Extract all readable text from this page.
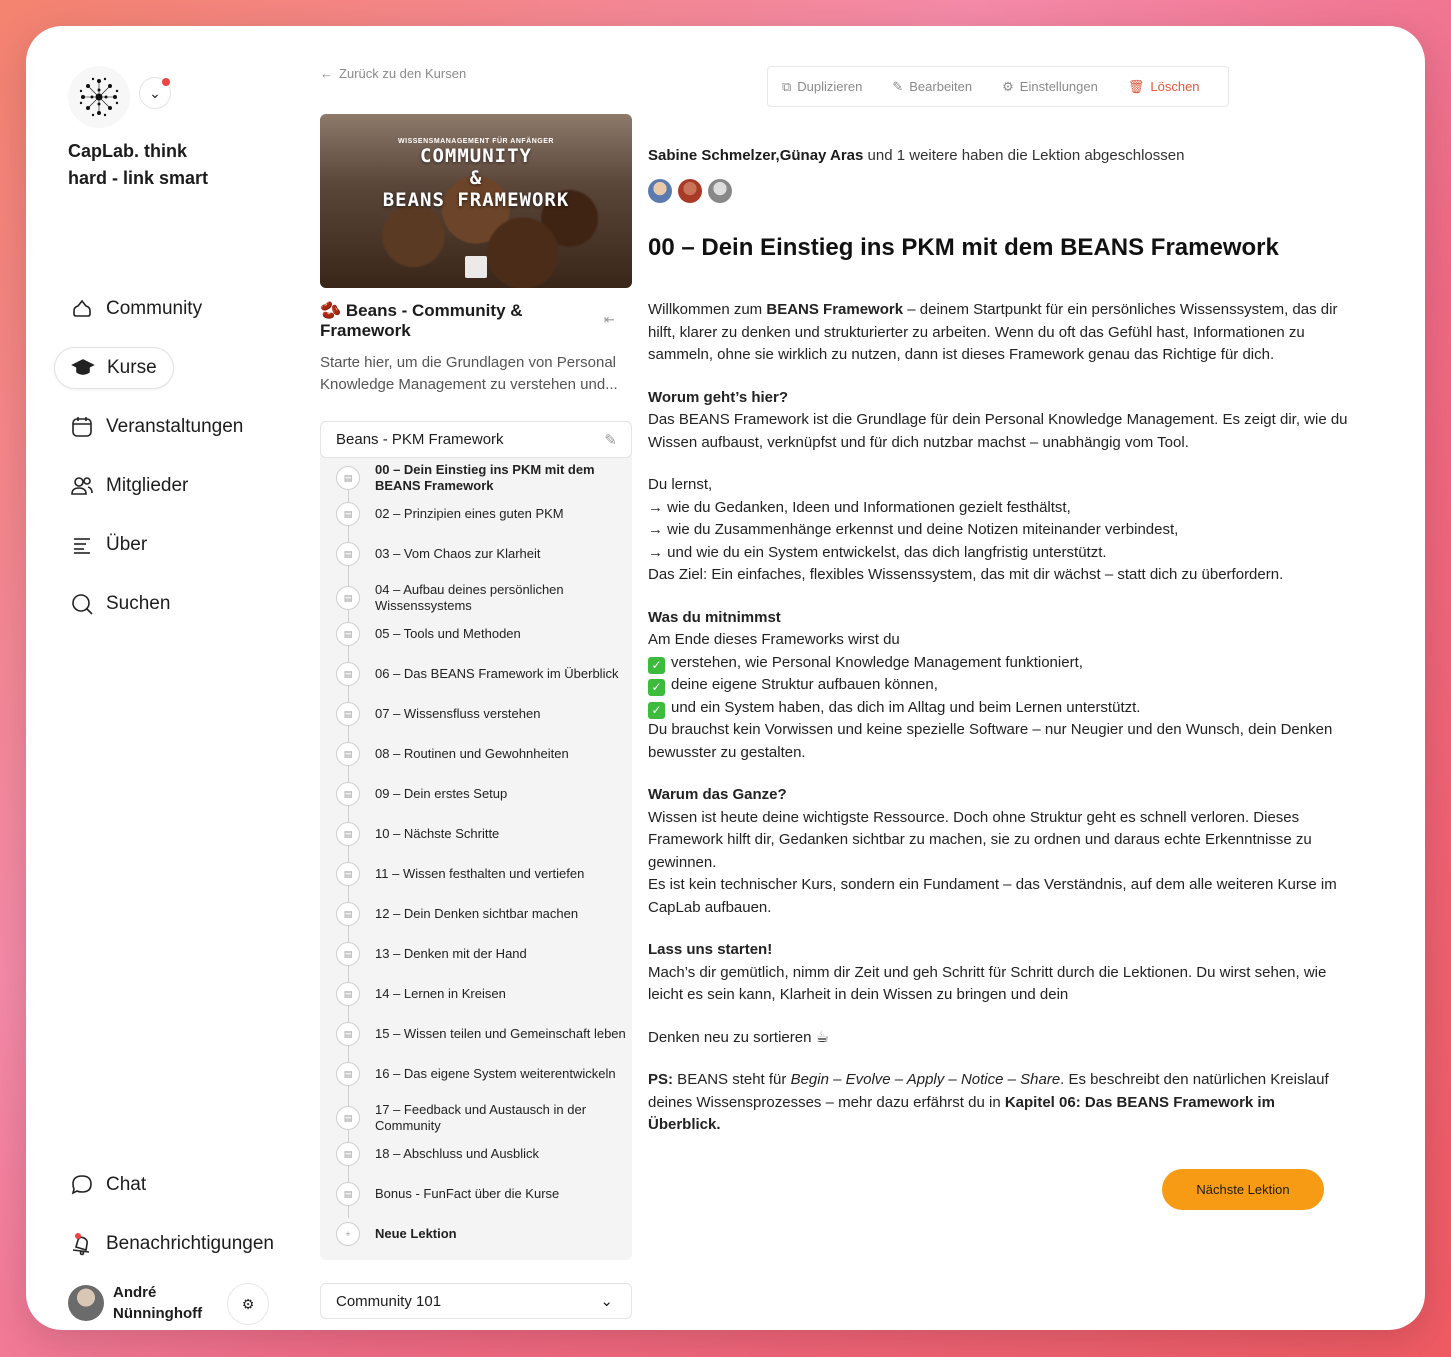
⌄
CapLab. think
hard - link smart
Community
Kurse
Veranstaltungen
Mitglieder
Über
Suchen
Chat
Benachrichtigungen
André
Nünninghoff
⚙
← Zurück zu den Kursen
WISSENSMANAGEMENT FÜR ANFÄNGER
COMMUNITY
&
BEANS FRAMEWORK
🫘 Beans - Community & Framework
⇤
Starte hier, um die Grundlagen von Personal Knowledge Management zu verstehen und...
Beans - PKM Framework	✎
▤
00 – Dein Einstieg ins PKM mit dem BEANS Framework
▤	02 – Prinzipien eines guten PKM
▤	03 – Vom Chaos zur Klarheit
▤
04 – Aufbau deines persönlichen Wissenssystems
▤	05 – Tools und Methoden
▤	06 – Das BEANS Framework im Überblick
▤	07 – Wissensfluss verstehen
▤	08 – Routinen und Gewohnheiten
▤	09 – Dein erstes Setup
▤	10 – Nächste Schritte
▤	11 – Wissen festhalten und vertiefen
▤	12 – Dein Denken sichtbar machen
▤	13 – Denken mit der Hand
▤	14 – Lernen in Kreisen
▤	15 – Wissen teilen und Gemeinschaft leben
▤	16 – Das eigene System weiterentwickeln
▤
17 – Feedback und Austausch in der Community
▤	18 – Abschluss und Ausblick
▤	Bonus - FunFact über die Kurse
+	Neue Lektion
Community 101	⌄
⧉ Duplizieren ✎ Bearbeiten ⚙ Einstellungen 🗑 Löschen
Sabine Schmelzer,Günay Aras und 1 weitere haben die Lektion abgeschlossen
00 – Dein Einstieg ins PKM mit dem BEANS Framework

Willkommen zum BEANS Framework – deinem Startpunkt für ein persönliches Wissenssystem, das dir hilft, klarer zu denken und strukturierter zu arbeiten. Wenn du oft das Gefühl hast, Informationen zu sammeln, ohne sie wirklich zu nutzen, dann ist dieses Framework genau das Richtige für dich.

Worum geht’s hier?
Das BEANS Framework ist die Grundlage für dein Personal Knowledge Management. Es zeigt dir, wie du Wissen aufbaust, verknüpfst und für dich nutzbar machst – unabhängig vom Tool.

Du lernst,
→ wie du Gedanken, Ideen und Informationen gezielt festhältst,
→ wie du Zusammenhänge erkennst und deine Notizen miteinander verbindest,
→ und wie du ein System entwickelst, das dich langfristig unterstützt.
Das Ziel: Ein einfaches, flexibles Wissenssystem, das mit dir wächst – statt dich zu überfordern.

Was du mitnimmst
Am Ende dieses Frameworks wirst du
✓ verstehen, wie Personal Knowledge Management funktioniert,
✓ deine eigene Struktur aufbauen können,
✓ und ein System haben, das dich im Alltag und beim Lernen unterstützt.
Du brauchst kein Vorwissen und keine spezielle Software – nur Neugier und den Wunsch, dein Denken bewusster zu gestalten.

Warum das Ganze?
Wissen ist heute deine wichtigste Ressource. Doch ohne Struktur geht es schnell verloren. Dieses Framework hilft dir, Gedanken sichtbar zu machen, sie zu ordnen und daraus echte Erkenntnisse zu gewinnen.
Es ist kein technischer Kurs, sondern ein Fundament – das Verständnis, auf dem alle weiteren Kurse im CapLab aufbauen.

Lass uns starten!
Mach’s dir gemütlich, nimm dir Zeit und geh Schritt für Schritt durch die Lektionen. Du wirst sehen, wie leicht es sein kann, Klarheit in dein Wissen zu bringen und dein

Denken neu zu sortieren ☕

PS: BEANS steht für Begin – Evolve – Apply – Notice – Share. Es beschreibt den natürlichen Kreislauf deines Wissensprozesses – mehr dazu erfährst du in Kapitel 06: Das BEANS Framework im Überblick.

Nächste Lektion
